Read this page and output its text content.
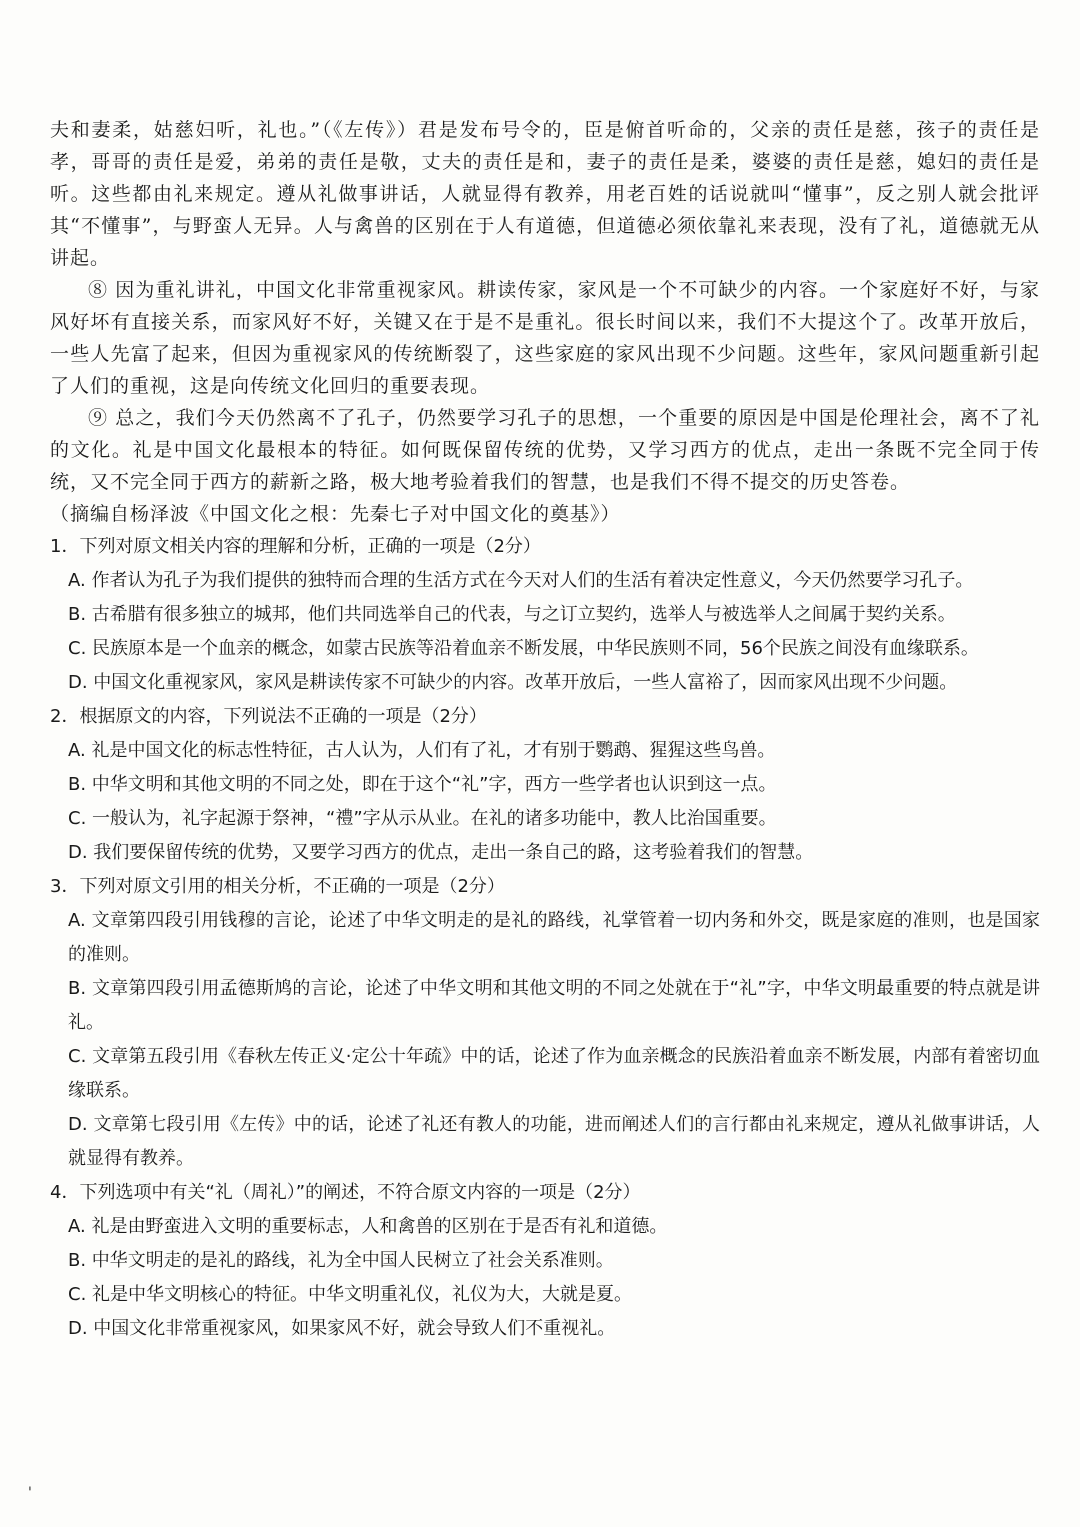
夫和妻柔，姑慈妇听，礼也。”（《左传》）君是发布号令的，臣是俯首听命的，父亲的责任是慈，孩子的责任是孝，哥哥的责任是爱，弟弟的责任是敬，丈夫的责任是和，妻子的责任是柔，婆婆的责任是慈，媳妇的责任是听。这些都由礼来规定。遵从礼做事讲话，人就显得有教养，用老百姓的话说就叫“懂事”，反之别人就会批评其“不懂事”，与野蛮人无异。人与禽兽的区别在于人有道德，但道德必须依靠礼来表现，没有了礼，道德就无从讲起。

⑧ 因为重礼讲礼，中国文化非常重视家风。耕读传家，家风是一个不可缺少的内容。一个家庭好不好，与家风好坏有直接关系，而家风好不好，关键又在于是不是重礼。很长时间以来，我们不大提这个了。改革开放后，一些人先富了起来，但因为重视家风的传统断裂了，这些家庭的家风出现不少问题。这些年，家风问题重新引起了人们的重视，这是向传统文化回归的重要表现。

⑨ 总之，我们今天仍然离不了孔子，仍然要学习孔子的思想，一个重要的原因是中国是伦理社会，离不了礼的文化。礼是中国文化最根本的特征。如何既保留传统的优势，又学习西方的优点，走出一条既不完全同于传统，又不完全同于西方的薪新之路，极大地考验着我们的智慧，也是我们不得不提交的历史答卷。

（摘编自杨泽波《中国文化之根：先秦七子对中国文化的奠基》）

1．下列对原文相关内容的理解和分析，正确的一项是（2分）

A. 作者认为孔子为我们提供的独特而合理的生活方式在今天对人们的生活有着决定性意义，今天仍然要学习孔子。

B. 古希腊有很多独立的城邦，他们共同选举自己的代表，与之订立契约，选举人与被选举人之间属于契约关系。

C. 民族原本是一个血亲的概念，如蒙古民族等沿着血亲不断发展，中华民族则不同，56个民族之间没有血缘联系。

D. 中国文化重视家风，家风是耕读传家不可缺少的内容。改革开放后，一些人富裕了，因而家风出现不少问题。

2．根据原文的内容，下列说法不正确的一项是（2分）

A. 礼是中国文化的标志性特征，古人认为，人们有了礼，才有别于鹦鹉、猩猩这些鸟兽。

B. 中华文明和其他文明的不同之处，即在于这个“礼”字，西方一些学者也认识到这一点。

C. 一般认为，礼字起源于祭神，“禮”字从示从业。在礼的诸多功能中，教人比治国重要。

D. 我们要保留传统的优势，又要学习西方的优点，走出一条自己的路，这考验着我们的智慧。

3．下列对原文引用的相关分析，不正确的一项是（2分）

A. 文章第四段引用钱穆的言论，论述了中华文明走的是礼的路线，礼掌管着一切内务和外交，既是家庭的准则，也是国家的准则。

B. 文章第四段引用孟德斯鸠的言论，论述了中华文明和其他文明的不同之处就在于“礼”字，中华文明最重要的特点就是讲礼。

C. 文章第五段引用《春秋左传正义·定公十年疏》中的话，论述了作为血亲概念的民族沿着血亲不断发展，内部有着密切血缘联系。

D. 文章第七段引用《左传》中的话，论述了礼还有教人的功能，进而阐述人们的言行都由礼来规定，遵从礼做事讲话，人就显得有教养。

4．下列选项中有关“礼（周礼）”的阐述，不符合原文内容的一项是（2分）

A. 礼是由野蛮进入文明的重要标志，人和禽兽的区别在于是否有礼和道德。

B. 中华文明走的是礼的路线，礼为全中国人民树立了社会关系准则。

C. 礼是中华文明核心的特征。中华文明重礼仪，礼仪为大，大就是夏。

D. 中国文化非常重视家风，如果家风不好，就会导致人们不重视礼。

'
